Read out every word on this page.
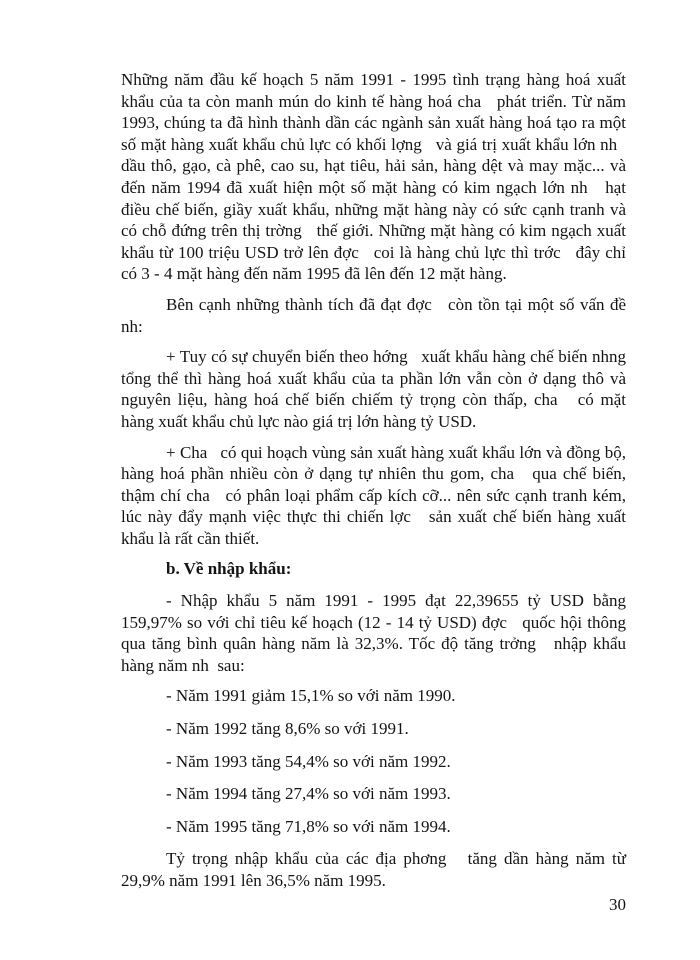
Những năm đầu kế hoạch 5 năm 1991 - 1995 tình trạng hàng hoá xuất khẩu của ta còn manh mún do kinh tế hàng hoá cha   phát triển. Từ năm 1993, chúng ta đã hình thành dần các ngành sản xuất hàng hoá tạo ra một số mặt hàng xuất khẩu chủ lực có khối lợng   và giá trị xuất khẩu lớn nh   dầu thô, gạo, cà phê, cao su, hạt tiêu, hải sản, hàng dệt và may mặc... và đến năm 1994 đã xuất hiện một số mặt hàng có kim ngạch lớn nh   hạt điều chế biến, giầy xuất khẩu, những mặt hàng này có sức cạnh tranh và có chỗ đứng trên thị trờng   thế giới. Những mặt hàng có kim ngạch xuất khẩu từ 100 triệu USD trở lên đợc   coi là hàng chủ lực thì trớc   đây chỉ có 3 - 4 mặt hàng đến năm 1995 đã lên đến 12 mặt hàng.

Bên cạnh những thành tích đã đạt đợc   còn tồn tại một số vấn đề nh:

+ Tuy có sự chuyển biến theo hớng   xuất khẩu hàng chế biến nhng tổng thể thì hàng hoá xuất khẩu của ta phần lớn vẫn còn ở dạng thô và nguyên liệu, hàng hoá chế biến chiếm tỷ trọng còn thấp, cha   có mặt hàng xuất khẩu chủ lực nào giá trị lớn hàng tỷ USD.

+ Cha   có qui hoạch vùng sản xuất hàng xuất khẩu lớn và đồng bộ, hàng hoá phần nhiều còn ở dạng tự nhiên thu gom, cha   qua chế biến, thậm chí cha   có phân loại phẩm cấp kích cỡ... nên sức cạnh tranh kém, lúc này đẩy mạnh việc thực thi chiến lợc   sản xuất chế biến hàng xuất khẩu là rất cần thiết.

b. Về nhập khẩu:

- Nhập khẩu 5 năm 1991 - 1995 đạt 22,39655 tỷ USD bằng 159,97% so với chỉ tiêu kế hoạch (12 - 14 tỷ USD) đợc   quốc hội thông qua tăng bình quân hàng năm là 32,3%. Tốc độ tăng trởng   nhập khẩu hàng năm nh  sau:

- Năm 1991 giảm 15,1% so với năm 1990.

- Năm 1992 tăng 8,6% so với 1991.

- Năm 1993 tăng 54,4% so với năm 1992.

- Năm 1994 tăng 27,4% so với năm 1993.

- Năm 1995 tăng 71,8% so với năm 1994.

Tỷ trọng nhập khẩu của các địa phơng   tăng dần hàng năm từ 29,9% năm 1991 lên 36,5% năm 1995.

30
